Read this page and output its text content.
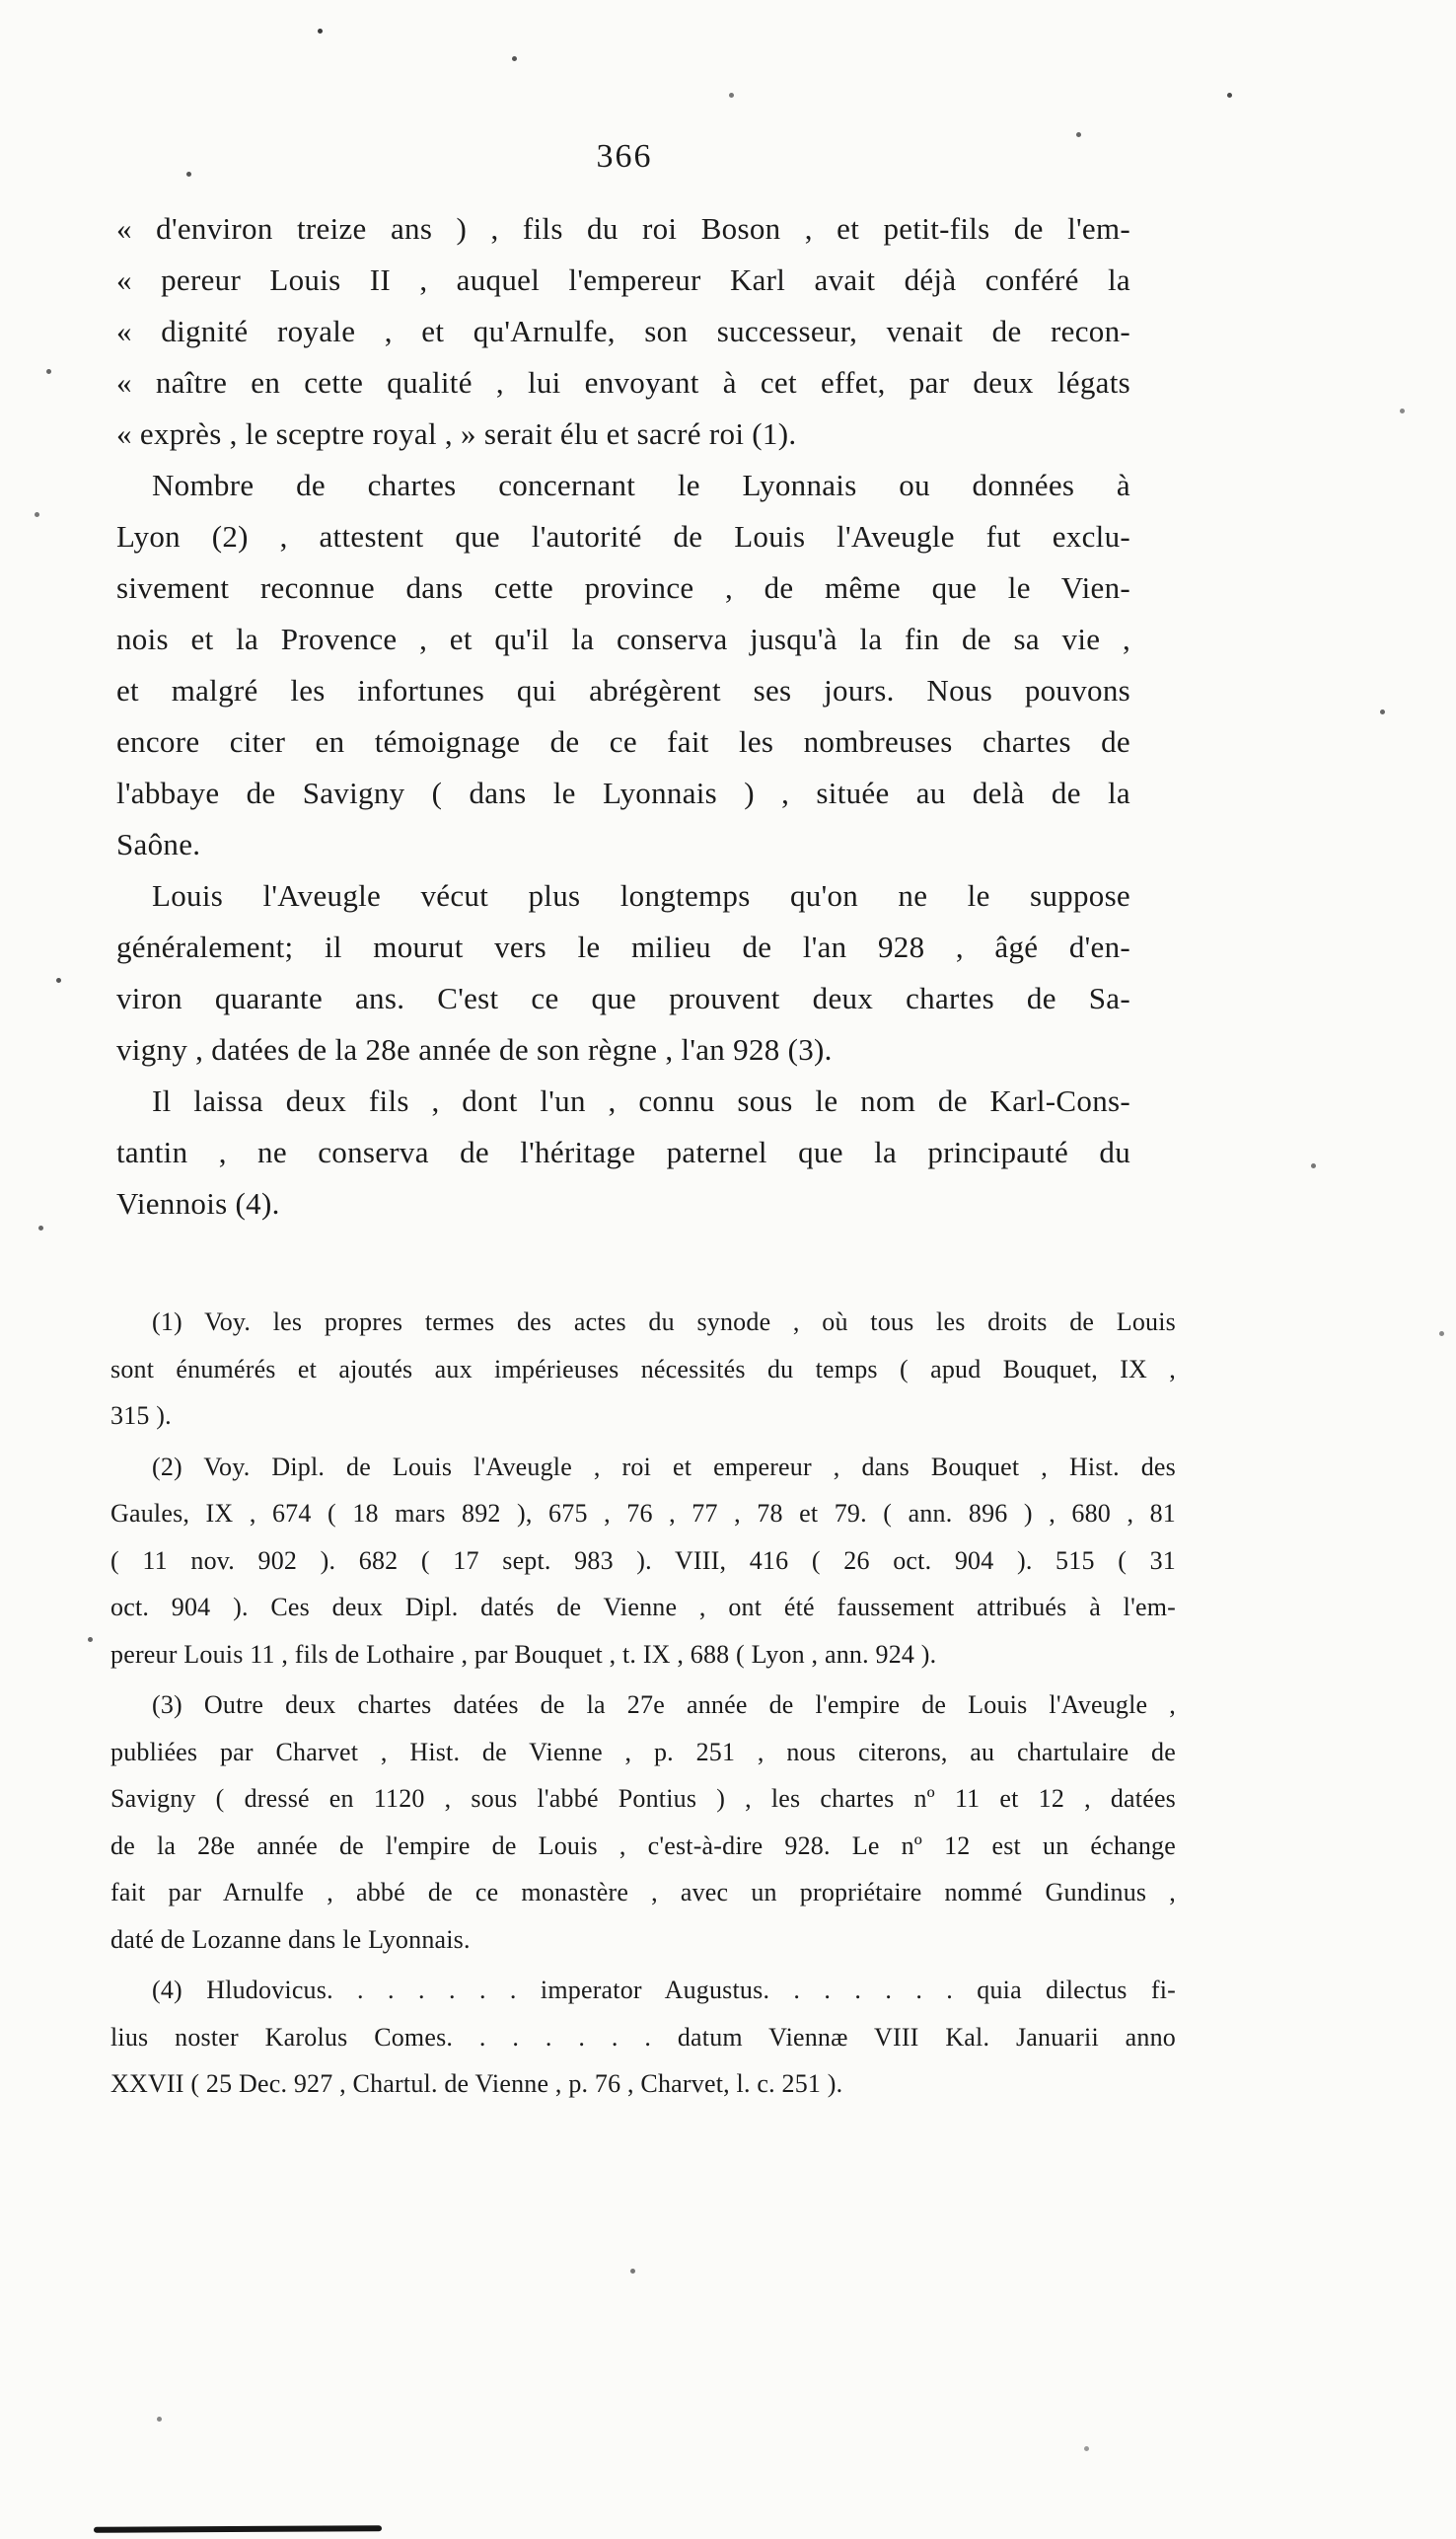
366
« d'environ treize ans ) , fils du roi Boson , et petit-fils de l'em-
« pereur Louis II , auquel l'empereur Karl avait déjà conféré la
« dignité royale , et qu'Arnulfe, son successeur, venait de recon-
« naître en cette qualité , lui envoyant à cet effet, par deux légats
« exprès , le sceptre royal , » serait élu et sacré roi (1).
Nombre de chartes concernant le Lyonnais ou données à
Lyon (2) , attestent que l'autorité de Louis l'Aveugle fut exclu-
sivement reconnue dans cette province , de même que le Vien-
nois et la Provence , et qu'il la conserva jusqu'à la fin de sa vie ,
et malgré les infortunes qui abrégèrent ses jours. Nous pouvons
encore citer en témoignage de ce fait les nombreuses chartes de
l'abbaye de Savigny ( dans le Lyonnais ) , située au delà de la
Saône.
Louis l'Aveugle vécut plus longtemps qu'on ne le suppose
généralement; il mourut vers le milieu de l'an 928 , âgé d'en-
viron quarante ans. C'est ce que prouvent deux chartes de Sa-
vigny , datées de la 28e année de son règne , l'an 928 (3).
Il laissa deux fils , dont l'un , connu sous le nom de Karl-Cons-
tantin , ne conserva de l'héritage paternel que la principauté du
Viennois (4).
(1) Voy. les propres termes des actes du synode , où tous les droits de Louis
sont énumérés et ajoutés aux impérieuses nécessités du temps ( apud Bouquet, IX ,
315 ).
(2) Voy. Dipl. de Louis l'Aveugle , roi et empereur , dans Bouquet , Hist. des
Gaules, IX , 674 ( 18 mars 892 ), 675 , 76 , 77 , 78 et 79. ( ann. 896 ) , 680 , 81
( 11 nov. 902 ). 682 ( 17 sept. 983 ). VIII, 416 ( 26 oct. 904 ). 515 ( 31
oct. 904 ). Ces deux Dipl. datés de Vienne , ont été faussement attribués à l'em-
pereur Louis 11 , fils de Lothaire , par Bouquet , t. IX , 688 ( Lyon , ann. 924 ).
(3) Outre deux chartes datées de la 27e année de l'empire de Louis l'Aveugle ,
publiées par Charvet , Hist. de Vienne , p. 251 , nous citerons, au chartulaire de
Savigny ( dressé en 1120 , sous l'abbé Pontius ) , les chartes nº 11 et 12 , datées
de la 28e année de l'empire de Louis , c'est-à-dire 928. Le nº 12 est un échange
fait par Arnulfe , abbé de ce monastère , avec un propriétaire nommé Gundinus ,
daté de Lozanne dans le Lyonnais.
(4) Hludovicus. . . . . . . imperator Augustus. . . . . . . quia dilectus fi-
lius noster Karolus Comes. . . . . . . datum Viennæ VIII Kal. Januarii anno
XXVII ( 25 Dec. 927 , Chartul. de Vienne , p. 76 , Charvet, l. c. 251 ).
